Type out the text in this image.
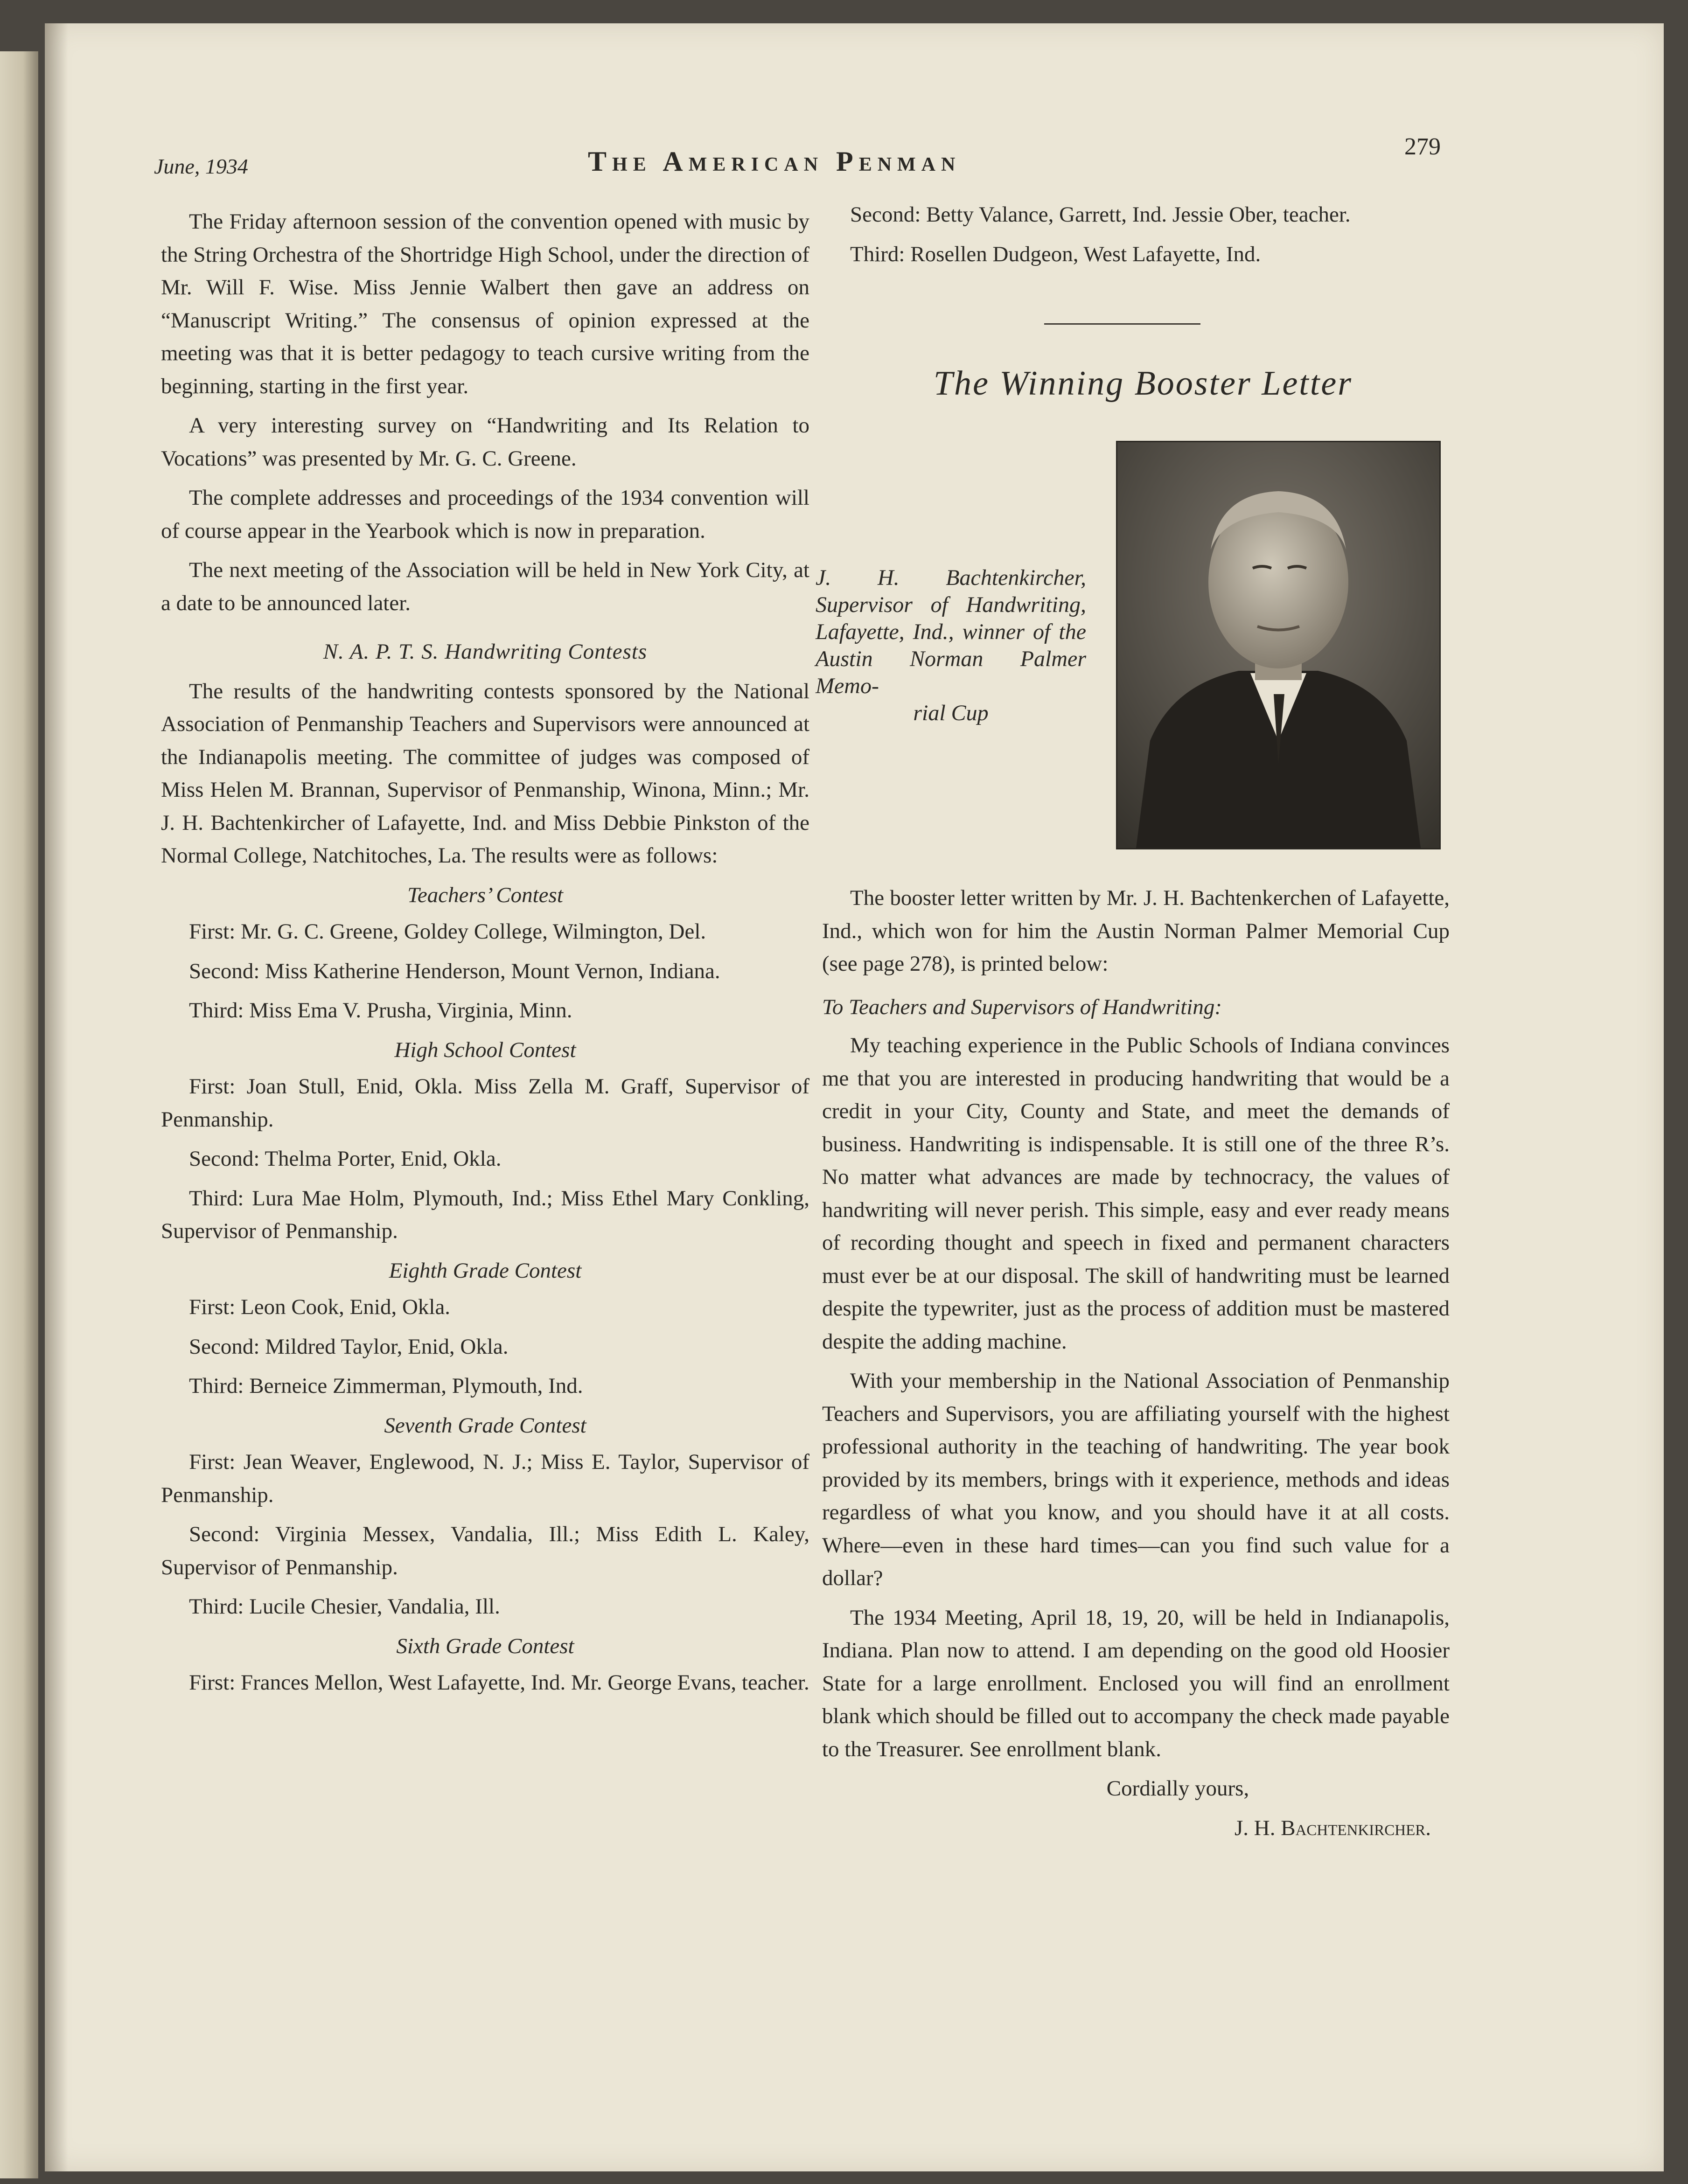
June, 1934	The American Penman	279

The Friday afternoon session of the convention opened with music by the String Orchestra of the Shortridge High School, under the direction of Mr. Will F. Wise. Miss Jennie Walbert then gave an address on “Manuscript Writing.” The consensus of opinion expressed at the meeting was that it is better pedagogy to teach cursive writing from the beginning, starting in the first year.

A very interesting survey on “Handwriting and Its Relation to Vocations” was presented by Mr. G. C. Greene.

The complete addresses and proceedings of the 1934 convention will of course appear in the Yearbook which is now in preparation.

The next meeting of the Association will be held in New York City, at a date to be announced later.

N. A. P. T. S. Handwriting Contests

The results of the handwriting contests sponsored by the National Association of Penmanship Teachers and Supervisors were announced at the Indianapolis meeting. The committee of judges was composed of Miss Helen M. Brannan, Supervisor of Penmanship, Winona, Minn.; Mr. J. H. Bachtenkircher of Lafayette, Ind. and Miss Debbie Pinkston of the Normal College, Natchitoches, La. The results were as follows:

Teachers’ Contest

First: Mr. G. C. Greene, Goldey College, Wilmington, Del.

Second: Miss Katherine Henderson, Mount Vernon, Indiana.

Third: Miss Ema V. Prusha, Virginia, Minn.

High School Contest

First: Joan Stull, Enid, Okla. Miss Zella M. Graff, Supervisor of Penmanship.

Second: Thelma Porter, Enid, Okla.

Third: Lura Mae Holm, Plymouth, Ind.; Miss Ethel Mary Conkling, Supervisor of Penmanship.

Eighth Grade Contest

First: Leon Cook, Enid, Okla.

Second: Mildred Taylor, Enid, Okla.

Third: Berneice Zimmerman, Plymouth, Ind.

Seventh Grade Contest

First: Jean Weaver, Englewood, N. J.; Miss E. Taylor, Supervisor of Penmanship.

Second: Virginia Messex, Vandalia, Ill.; Miss Edith L. Kaley, Supervisor of Penmanship.

Third: Lucile Chesier, Vandalia, Ill.

Sixth Grade Contest

First: Frances Mellon, West Lafayette, Ind. Mr. George Evans, teacher.

Second: Betty Valance, Garrett, Ind. Jessie Ober, teacher.

Third: Rosellen Dudgeon, West Lafayette, Ind.

The Winning Booster Letter
J. H. Bachtenkircher, Supervisor of Handwriting, Lafayette, Ind., winner of the Austin Norman Palmer Memo-
rial Cup

The booster letter written by Mr. J. H. Bachtenkerchen of Lafayette, Ind., which won for him the Austin Norman Palmer Memorial Cup (see page 278), is printed below:

To Teachers and Supervisors of Handwriting:

My teaching experience in the Public Schools of Indiana convinces me that you are interested in producing handwriting that would be a credit in your City, County and State, and meet the demands of business. Handwriting is indispensable. It is still one of the three R’s. No matter what advances are made by technocracy, the values of handwriting will never perish. This simple, easy and ever ready means of recording thought and speech in fixed and permanent characters must ever be at our disposal. The skill of handwriting must be learned despite the typewriter, just as the process of addition must be mastered despite the adding machine.

With your membership in the National Association of Penmanship Teachers and Supervisors, you are affiliating yourself with the highest professional authority in the teaching of handwriting. The year book provided by its members, brings with it experience, methods and ideas regardless of what you know, and you should have it at all costs. Where—even in these hard times—can you find such value for a dollar?

The 1934 Meeting, April 18, 19, 20, will be held in Indianapolis, Indiana. Plan now to attend. I am depending on the good old Hoosier State for a large enrollment. Enclosed you will find an enrollment blank which should be filled out to accompany the check made payable to the Treasurer. See enrollment blank.

Cordially yours,

J. H. Bachtenkircher.
